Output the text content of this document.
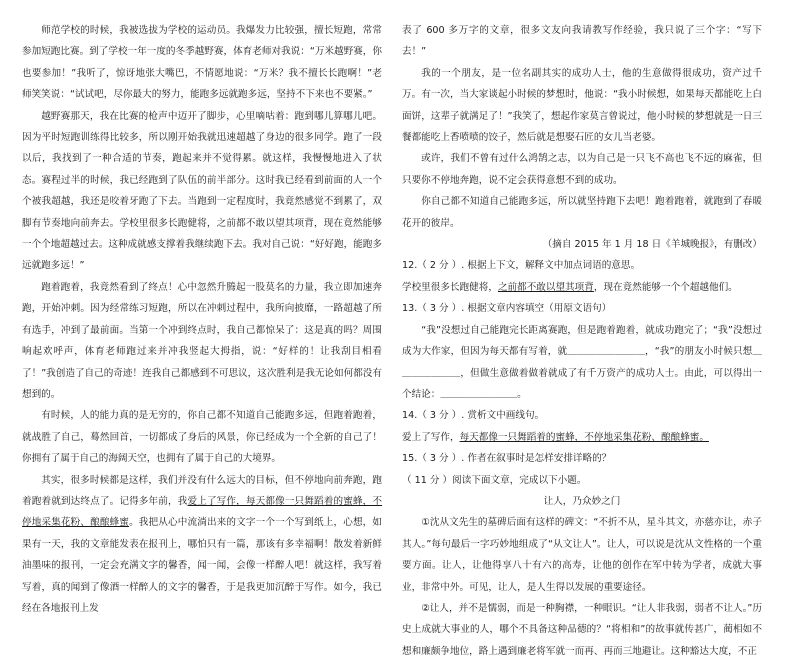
师范学校的时候，我被选拔为学校的运动员。我爆发力比较强，擅长短跑，常常参加短跑比赛。到了学校一年一度的冬季越野赛，体育老师对我说：“万米越野赛，你也要参加！”我听了，惊讶地张大嘴巴，不情愿地说：“万米？我不擅长长跑啊！”老师笑笑说：“试试吧，尽你最大的努力，能跑多远就跑多远，坚持不下来也不要紧。”

越野赛那天，我在比赛的枪声中迈开了脚步，心里嘀咕着：跑到哪儿算哪儿吧。因为平时短跑训练得比较多，所以刚开始我就迅速超越了身边的很多同学。跑了一段以后，我找到了一种合适的节奏，跑起来并不觉得累。就这样，我慢慢地进入了状态。赛程过半的时候，我已经跑到了队伍的前半部分。这时我已经看到前面的人一个个被我超越，我还是咬着牙跑了下去。当跑到一定程度时，我竟然感觉不到累了，双脚有节奏地向前奔去。学校里很多长跑健将，之前都不敢以望其项背，现在竟然能够一个个地超越过去。这种成就感支撑着我继续跑下去。我对自己说：“好好跑，能跑多远就跑多远！”

跑着跑着，我竟然看到了终点！心中忽然升腾起一股莫名的力量，我立即加速奔跑，开始冲刺。因为经常练习短跑，所以在冲刺过程中，我所向披靡，一路超越了所有选手，冲到了最前面。当第一个冲到终点时，我自己都惊呆了：这是真的吗？周围响起欢呼声，体育老师跑过来并冲我竖起大拇指，说：“好样的！让我刮目相看了！”我创造了自己的奇迹！连我自己都感到不可思议，这次胜利是我无论如何都没有想到的。

有时候，人的能力真的是无穷的，你自己都不知道自己能跑多远，但跑着跑着，就战胜了自己，蓦然回首，一切都成了身后的风景，你已经成为一个全新的自己了！你拥有了属于自己的海阔天空，也拥有了属于自己的大境界。

其实，很多时候都是这样，我们并没有什么远大的目标，但不停地向前奔跑，跑着跑着就到达终点了。记得多年前，我爱上了写作，每天都像一只舞蹈着的蜜蜂，不停地采集花粉、酿酿蜂蜜。我把从心中流淌出来的文字一个一个写到纸上，心想，如果有一天，我的文章能发表在报刊上，哪怕只有一篇，那该有多幸福啊！散发着新鲜油墨味的报刊，一定会充满文字的馨香，闻一闻，会像一样醉人吧！就这样，我写着写着，真的闻到了像酒一样醉人的文字的馨香，于是我更加沉醉于写作。如今，我已经在各地报刊上发

表了 600 多万字的文章，很多文友向我请教写作经验，我只说了三个字：“写下去！”

我的一个朋友，是一位名副其实的成功人士，他的生意做得很成功，资产过千万。有一次，当大家谈起小时候的梦想时，他说：“我小时候想，如果每天都能吃上白面饼，这辈子就满足了！”我笑了，想起作家莫言曾说过，他小时候的梦想就是一日三餐都能吃上香喷喷的饺子，然后就是想娶石匠的女儿当老婆。

或许，我们不曾有过什么鸿鹄之志，以为自己是一只飞不高也飞不远的麻雀，但只要你不停地奔跑，说不定会获得意想不到的成功。

你自己都不知道自己能跑多远，所以就坚持跑下去吧！跑着跑着，就跑到了春暖花开的彼岸。

（摘自 2015 年 1 月 18 日《羊城晚报》，有删改）

12.（ 2 分 ）. 根据上下文，解释文中加点词语的意思。

学校里很多长跑健将，之前都不敢以望其项背，现在竟然能够一个个超越他们。

13.（ 3 分 ）. 根据文章内容填空（用原文语句）

“我”没想过自己能跑完长距离赛跑，但是跑着跑着，就成功跑完了；“我”没想过成为大作家，但因为每天都有写着，就＿＿＿＿＿＿＿＿，“我”的朋友小时候只想＿＿＿＿＿＿＿，但做生意做着做着就成了有千万资产的成功人士。由此，可以得出一个结论：＿＿＿＿＿＿＿＿。

14.（ 3 分 ）. 赏析文中画线句。

爱上了写作，每天都像一只舞蹈着的蜜蜂，不停地采集花粉、酿酿蜂蜜。

15.（ 3 分 ）. 作者在叙事时是怎样安排详略的？

（ 11 分 ）阅读下面文章，完成以下小题。

让人，乃众妙之门

①沈从文先生的墓碑后面有这样的碑文：“不折不从，星斗其文，亦慈亦让，赤子其人。”每句最后一字巧妙地组成了“从文让人”。让人，可以说是沈从文性格的一个重要方面。让人，让他得享八十有六的高寿，让他的创作在军中转为学者，成就大事业，非常中外。可见，让人，是人生得以发展的重要途径。

②让人，并不是懦弱，而是一种胸襟，一种眼识。“让人非我弱，弱者不让人。”历史上成就大事业的人，哪个不具备这种品德的？“将相和”的故事就传甚广，蔺相如不想和廉颇争地位，路上遇到廉老将军就一而再、再而三地避让。这种豁达大度，不正
